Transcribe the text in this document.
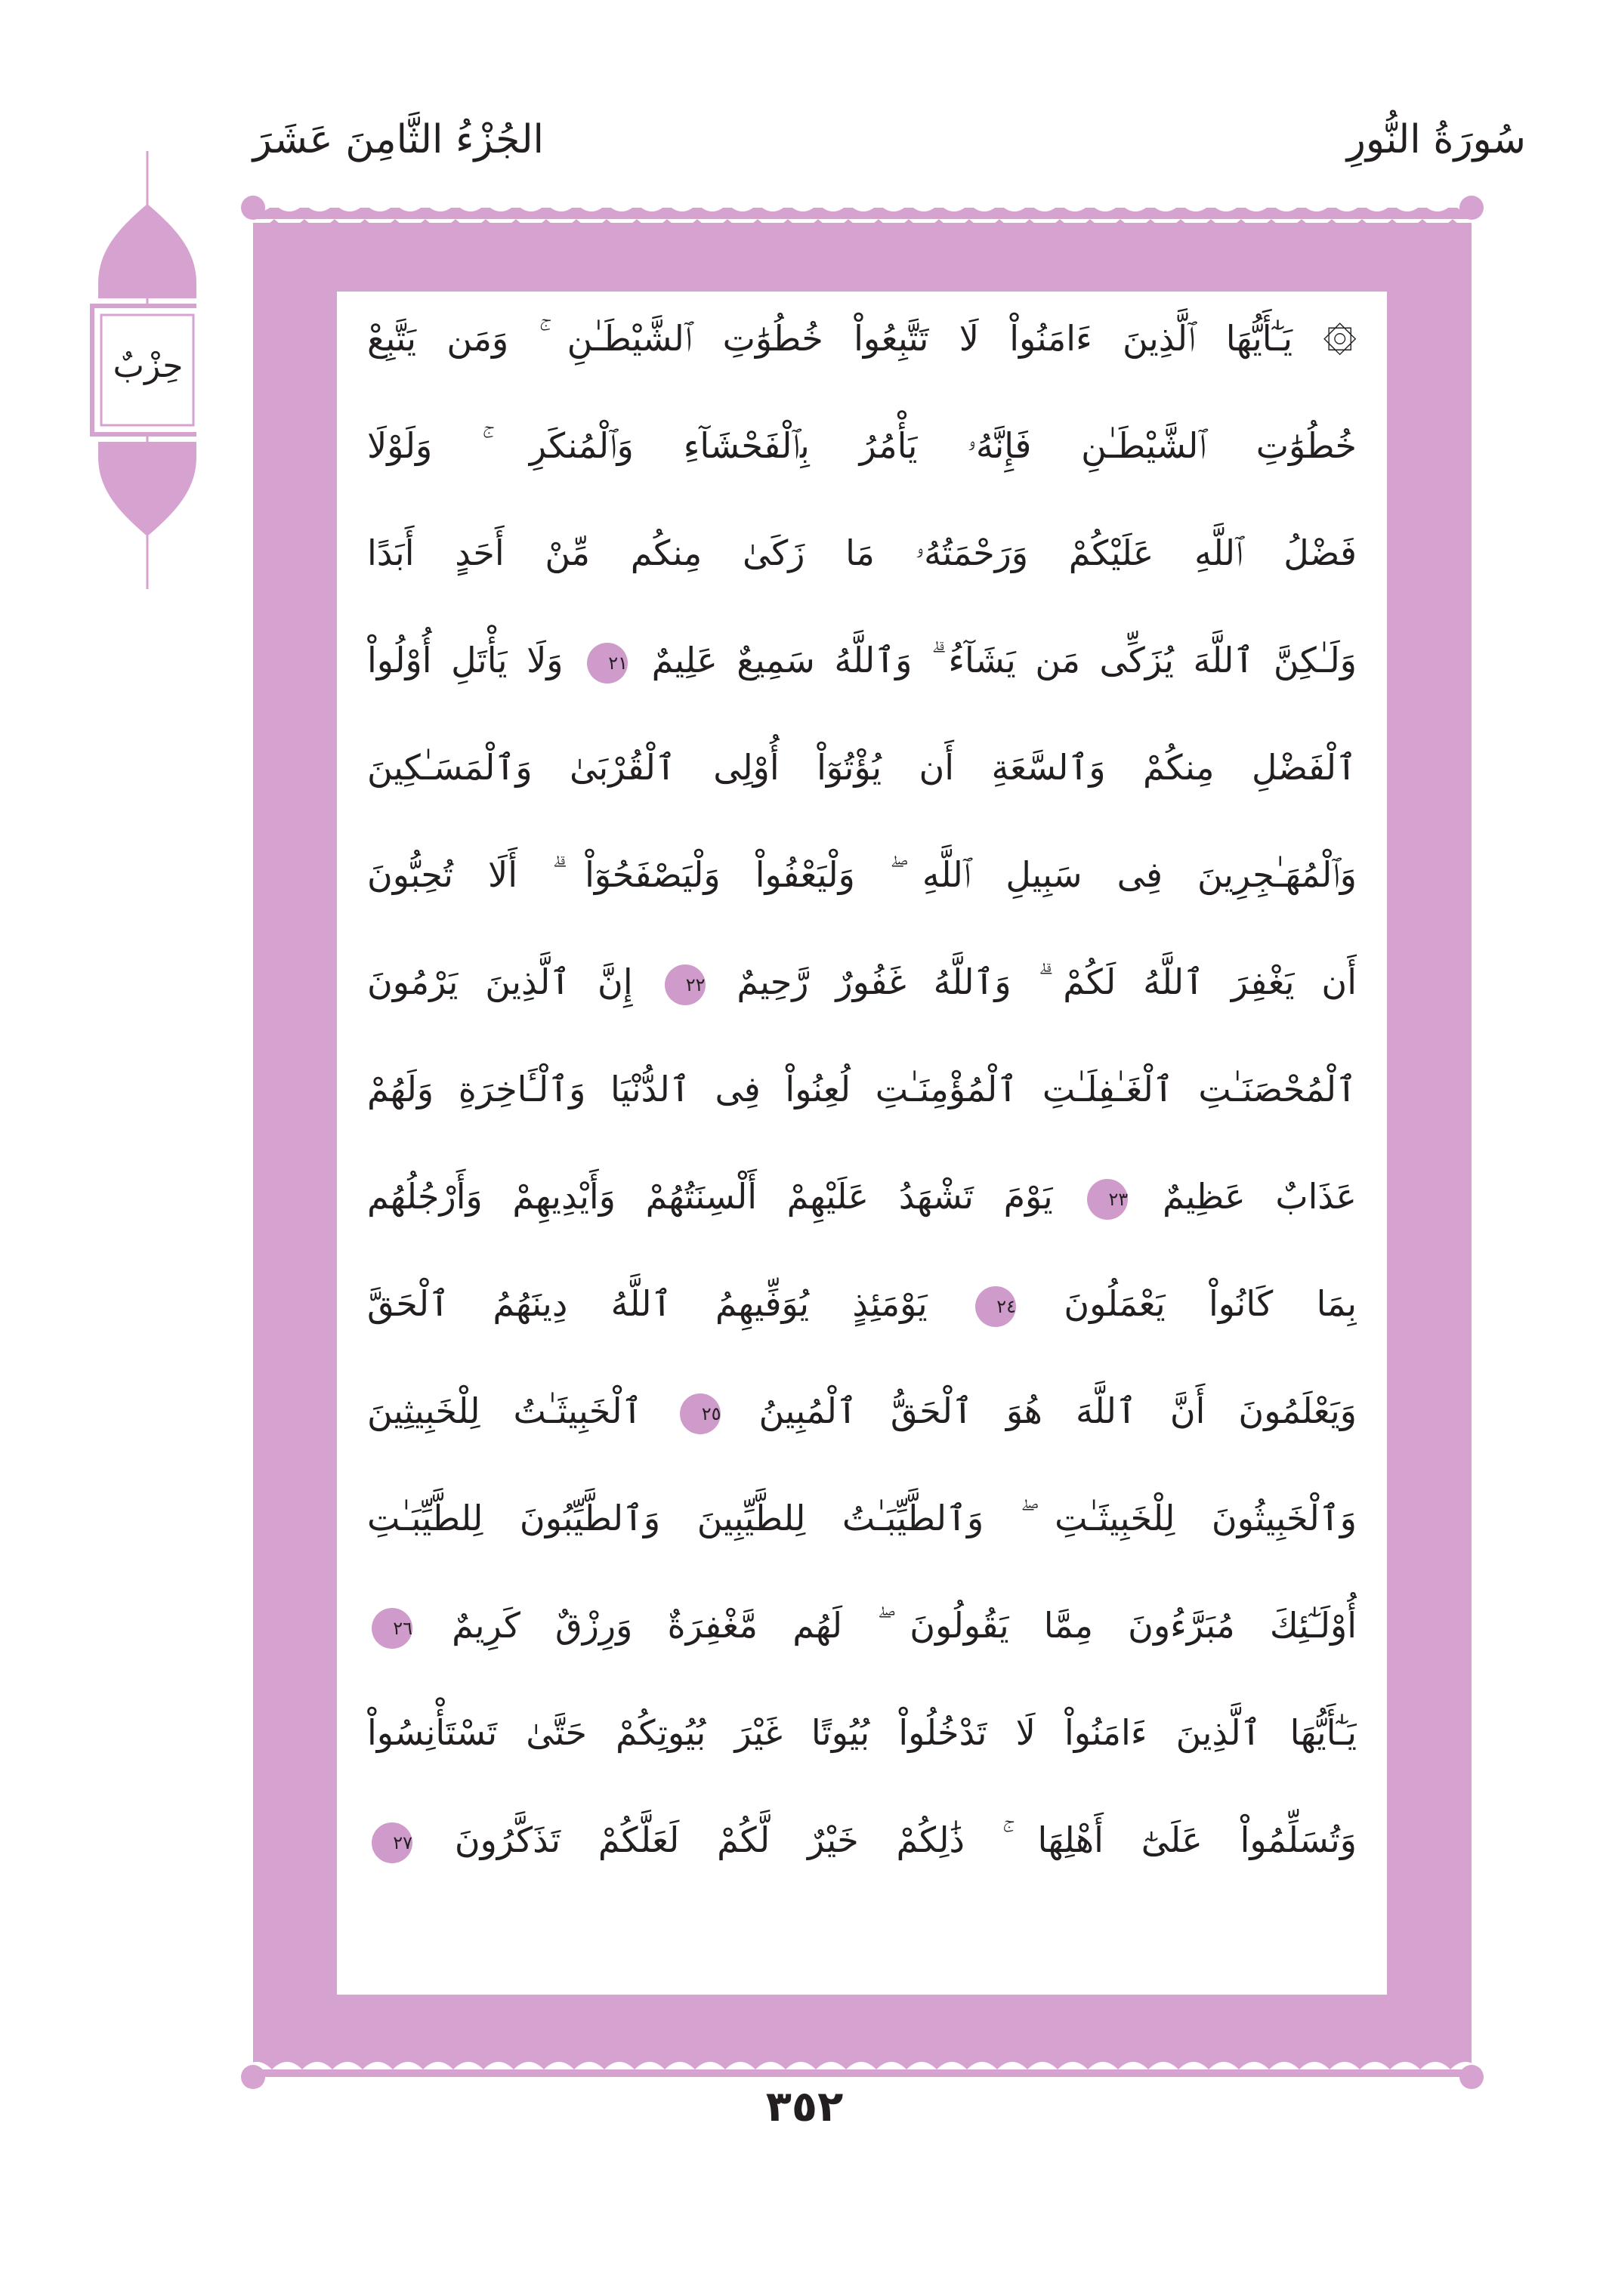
سُورَةُ النُّورِ
الجُزْءُ الثَّامِنَ عَشَرَ
حِزْبٌ
۞ يَـٰٓأَيُّهَا ٱلَّذِينَ ءَامَنُواْ لَا تَتَّبِعُواْ خُطُوَٰتِ ٱلشَّيْطَـٰنِ ۚ وَمَن يَتَّبِعْ
خُطُوَٰتِ ٱلشَّيْطَـٰنِ فَإِنَّهُۥ يَأْمُرُ بِٱلْفَحْشَآءِ وَٱلْمُنكَرِ ۚ وَلَوْلَا
فَضْلُ ٱللَّهِ عَلَيْكُمْ وَرَحْمَتُهُۥ مَا زَكَىٰ مِنكُم مِّنْ أَحَدٍ أَبَدًا
وَلَـٰكِنَّ ٱللَّهَ يُزَكِّى مَن يَشَآءُ ۗ وَٱللَّهُ سَمِيعٌ عَلِيمٌ ٢١ وَلَا يَأْتَلِ أُوْلُواْ
ٱلْفَضْلِ مِنكُمْ وَٱلسَّعَةِ أَن يُؤْتُوٓاْ أُوْلِى ٱلْقُرْبَىٰ وَٱلْمَسَـٰكِينَ
وَٱلْمُهَـٰجِرِينَ فِى سَبِيلِ ٱللَّهِ ۖ وَلْيَعْفُواْ وَلْيَصْفَحُوٓاْ ۗ أَلَا تُحِبُّونَ
أَن يَغْفِرَ ٱللَّهُ لَكُمْ ۗ وَٱللَّهُ غَفُورٌ رَّحِيمٌ ٢٢ إِنَّ ٱلَّذِينَ يَرْمُونَ
ٱلْمُحْصَنَـٰتِ ٱلْغَـٰفِلَـٰتِ ٱلْمُؤْمِنَـٰتِ لُعِنُواْ فِى ٱلدُّنْيَا وَٱلْـَٔاخِرَةِ وَلَهُمْ
عَذَابٌ عَظِيمٌ ٢٣ يَوْمَ تَشْهَدُ عَلَيْهِمْ أَلْسِنَتُهُمْ وَأَيْدِيهِمْ وَأَرْجُلُهُم
بِمَا كَانُواْ يَعْمَلُونَ ٢٤ يَوْمَئِذٍ يُوَفِّيهِمُ ٱللَّهُ دِينَهُمُ ٱلْحَقَّ
وَيَعْلَمُونَ أَنَّ ٱللَّهَ هُوَ ٱلْحَقُّ ٱلْمُبِينُ ٢٥ ٱلْخَبِيثَـٰتُ لِلْخَبِيثِينَ
وَٱلْخَبِيثُونَ لِلْخَبِيثَـٰتِ ۖ وَٱلطَّيِّبَـٰتُ لِلطَّيِّبِينَ وَٱلطَّيِّبُونَ لِلطَّيِّبَـٰتِ
أُوْلَـٰٓئِكَ مُبَرَّءُونَ مِمَّا يَقُولُونَ ۖ لَهُم مَّغْفِرَةٌ وَرِزْقٌ كَرِيمٌ ٢٦
يَـٰٓأَيُّهَا ٱلَّذِينَ ءَامَنُواْ لَا تَدْخُلُواْ بُيُوتًا غَيْرَ بُيُوتِكُمْ حَتَّىٰ تَسْتَأْنِسُواْ
وَتُسَلِّمُواْ عَلَىٰٓ أَهْلِهَا ۚ ذَٰلِكُمْ خَيْرٌ لَّكُمْ لَعَلَّكُمْ تَذَكَّرُونَ ٢٧
٣٥٢
